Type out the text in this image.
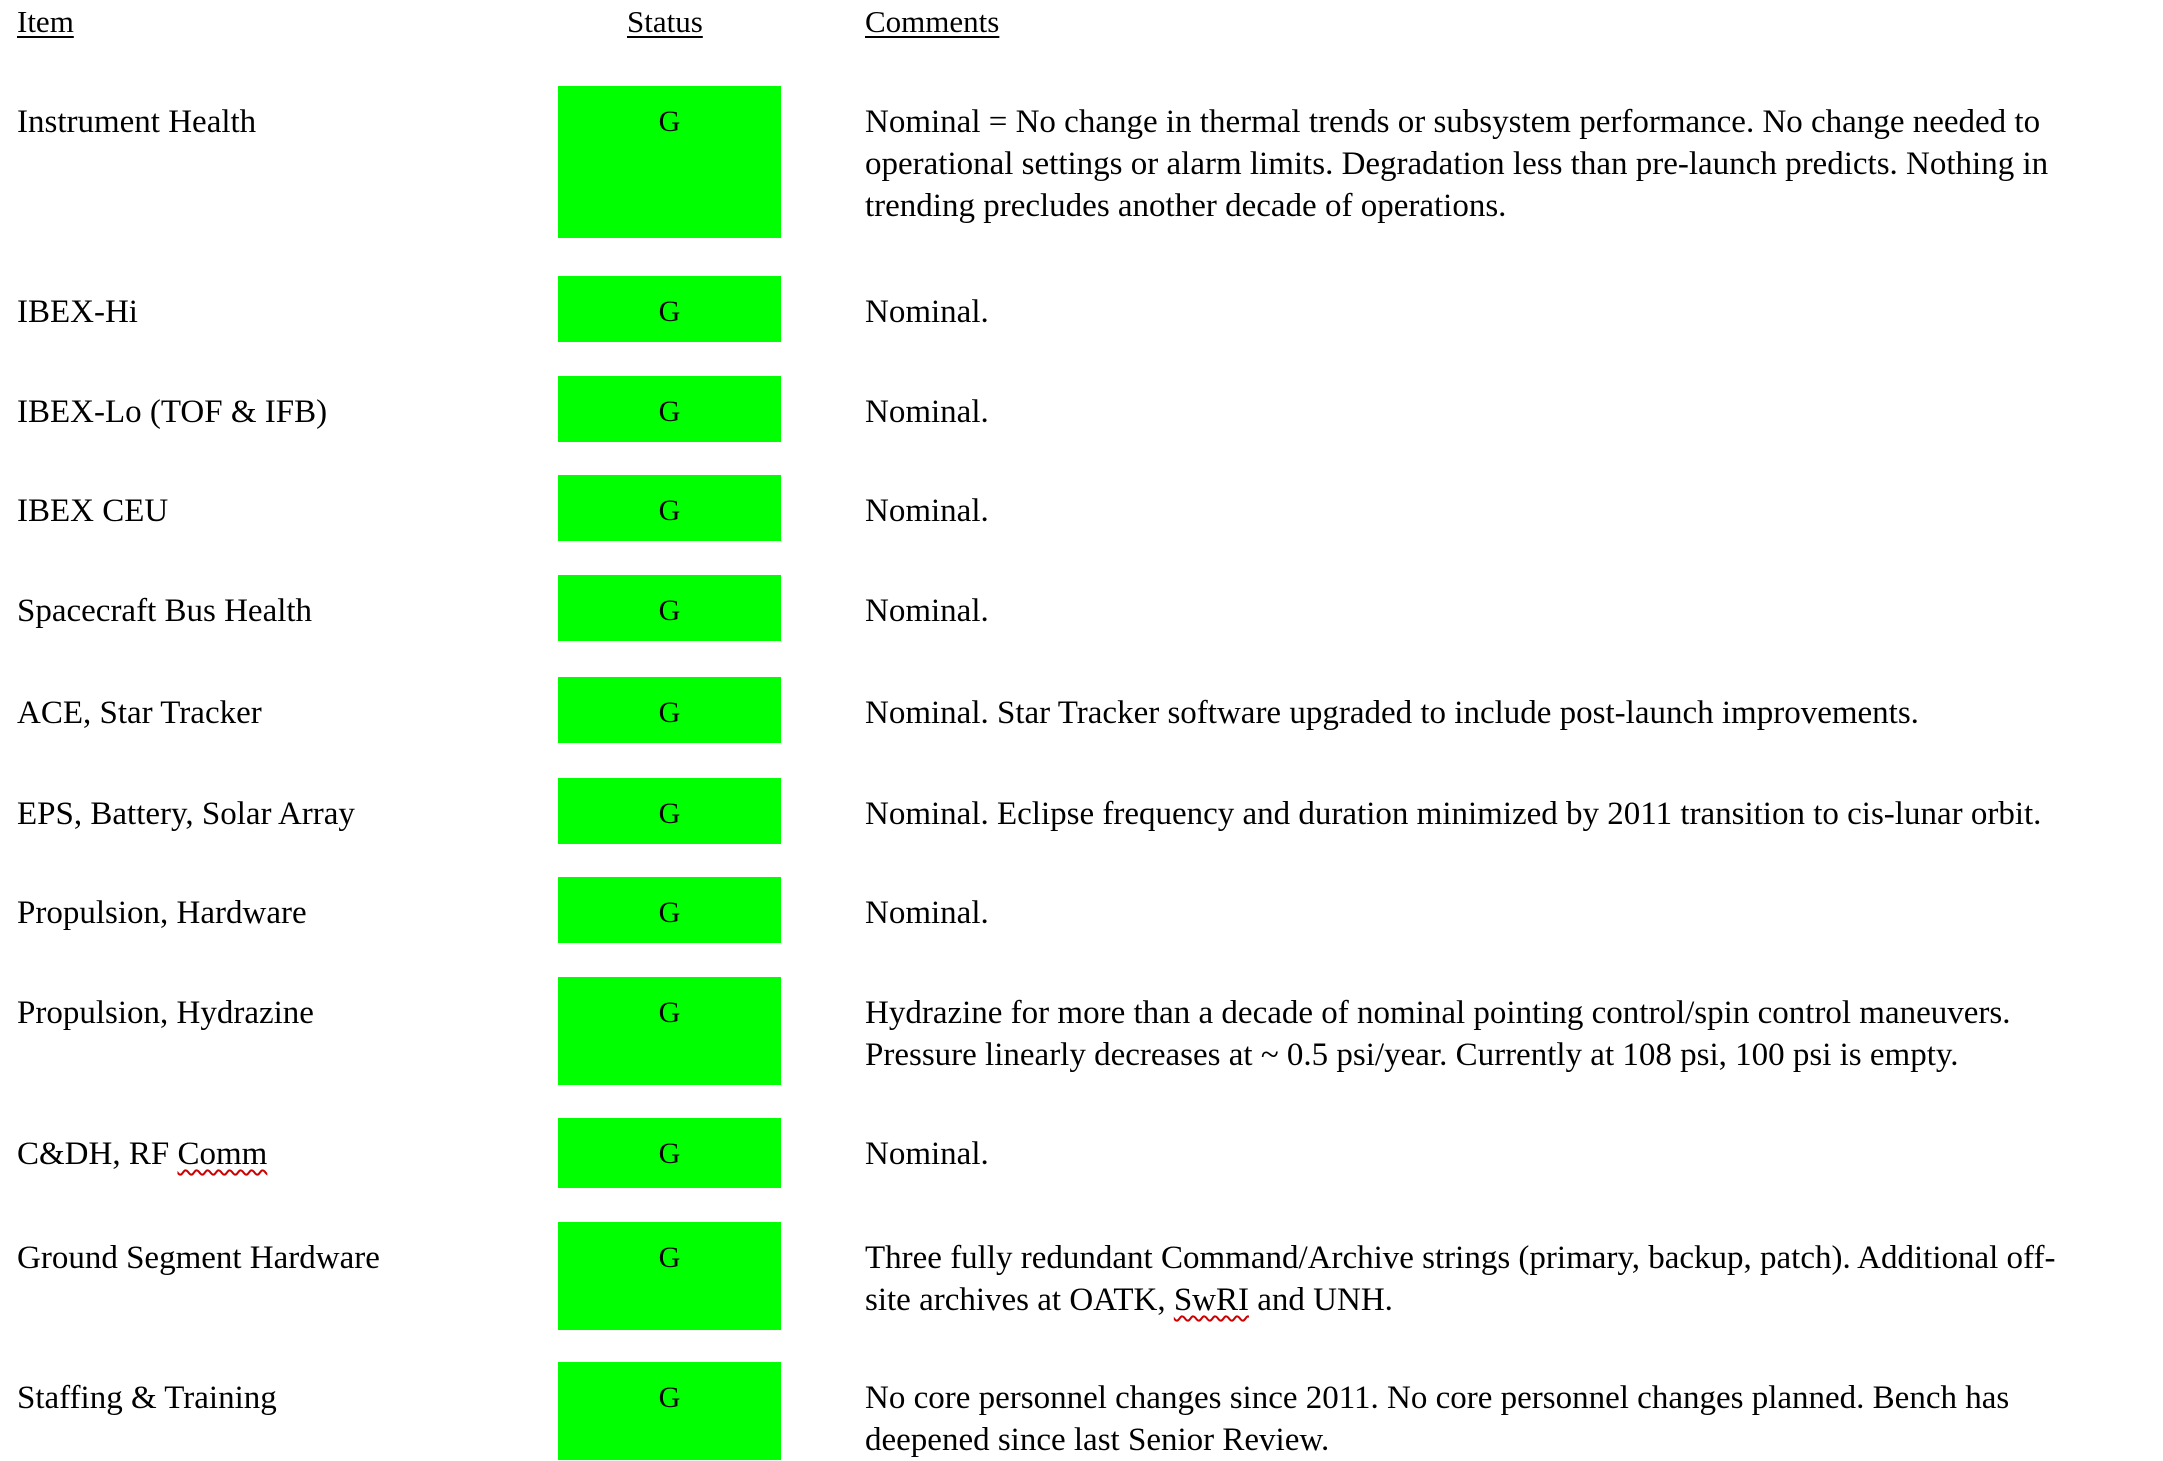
Item	Status	Comments
Instrument Health	G	Nominal = No change in thermal trends or subsystem performance. No change needed to
operational settings or alarm limits. Degradation less than pre-launch predicts. Nothing in
trending precludes another decade of operations.
IBEX-Hi	G	Nominal.
IBEX-Lo (TOF & IFB)	G	Nominal.
IBEX CEU	G	Nominal.
Spacecraft Bus Health	G	Nominal.
ACE, Star Tracker	G	Nominal. Star Tracker software upgraded to include post-launch improvements.
EPS, Battery, Solar Array	G	Nominal. Eclipse frequency and duration minimized by 2011 transition to cis-lunar orbit.
Propulsion, Hardware	G	Nominal.
Propulsion, Hydrazine	G	Hydrazine for more than a decade of nominal pointing control/spin control maneuvers.
Pressure linearly decreases at ~ 0.5 psi/year. Currently at 108 psi, 100 psi is empty.
C&DH, RF Comm	G	Nominal.
Ground Segment Hardware	G	Three fully redundant Command/Archive strings (primary, backup, patch). Additional off-
site archives at OATK, SwRI and UNH.
Staffing & Training	G	No core personnel changes since 2011. No core personnel changes planned. Bench has
deepened since last Senior Review.
